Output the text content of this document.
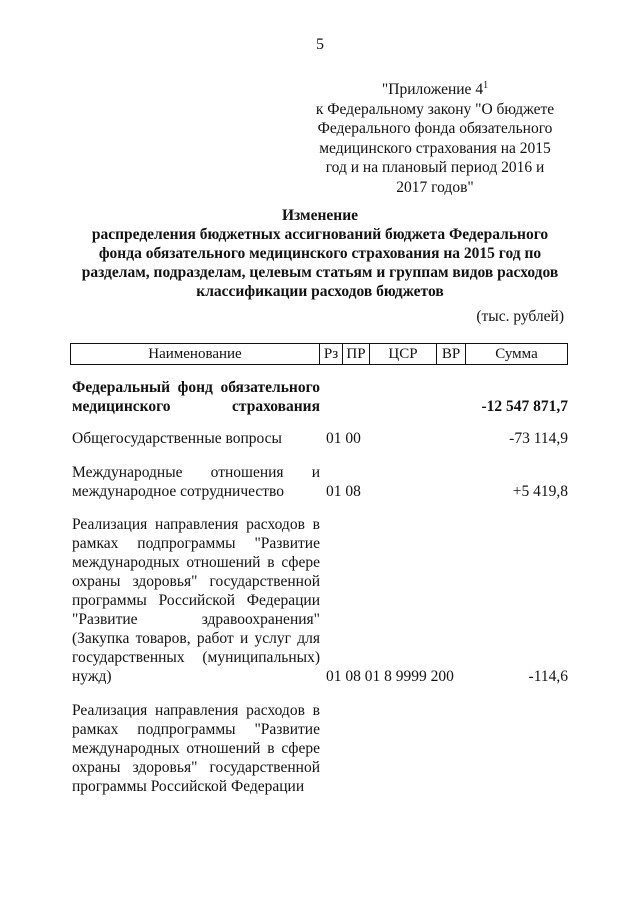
5
"Приложение $4^1$
к Федеральному закону "О бюджете
Федерального фонда обязательного
медицинского страхования на 2015
год и на плановый период 2016 и
2017 годов"
Изменение
распределения бюджетных ассигнований бюджета Федерального
фонда обязательного медицинского страхования на 2015 год по
разделам, подразделам, целевым статьям и группам видов расходов
классификации расходов бюджетов
(тыс. рублей)
Наименование	Рз	ПР	ЦСР	ВР	Сумма
Федеральный фонд обязательного медицинского страхования	-12 547 871,7
Общегосударственные вопросы	01 00	-73 114,9
Международные отношения и международное сотрудничество	01 08	+5 419,8
Реализация направления расходов в рамках подпрограммы "Развитие международных отношений в сфере охраны здоровья" государственной программы Российской Федерации "Развитие здравоохранения" (Закупка товаров, работ и услуг для государственных (муниципальных) нужд)	01 08 01 8 9999 200	-114,6
Реализация направления расходов в рамках подпрограммы "Развитие международных отношений в сфере охраны здоровья" государственной программы Российской Федерации
